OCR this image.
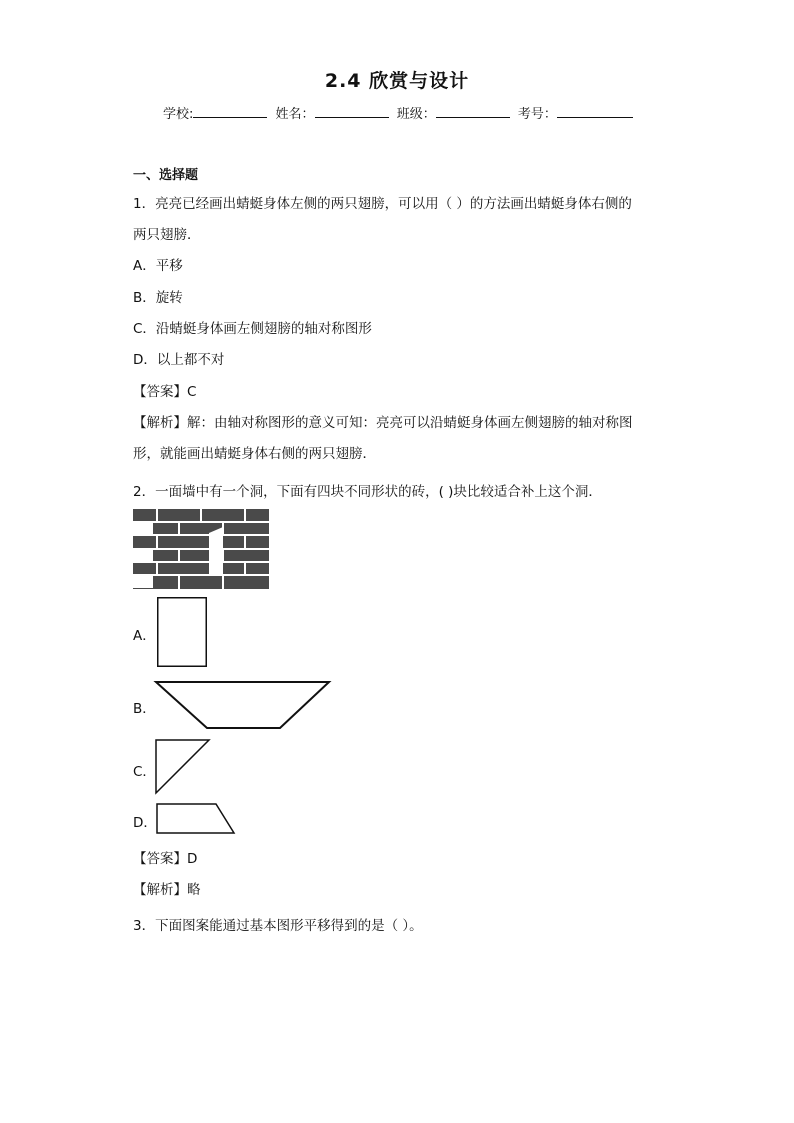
2.4 欣赏与设计
学校:	姓名：	班级：	考号：
一、选择题
1．亮亮已经画出蜻蜓身体左侧的两只翅膀，可以用（ ）的方法画出蜻蜓身体右侧的
两只翅膀．
A．平移
B．旋转
C．沿蜻蜓身体画左侧翅膀的轴对称图形
D．以上都不对
【答案】C
【解析】解：由轴对称图形的意义可知：亮亮可以沿蜻蜓身体画左侧翅膀的轴对称图
形，就能画出蜻蜓身体右侧的两只翅膀．
2．一面墙中有一个洞，下面有四块不同形状的砖，( )块比较适合补上这个洞．
A．
B．
C．
D．
【答案】D
【解析】略
3．下面图案能通过基本图形平移得到的是（ ）。
